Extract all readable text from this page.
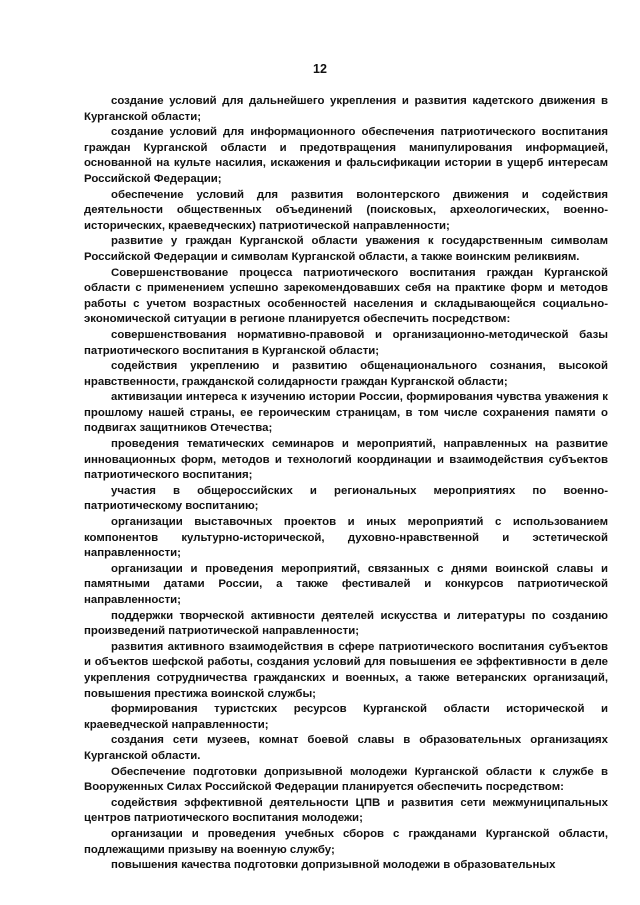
12

создание условий для дальнейшего укрепления и развития кадетского движения в Курганской области;

создание условий для информационного обеспечения патриотического воспитания граждан Курганской области и предотвращения манипулирования информацией, основанной на культе насилия, искажения и фальсификации истории в ущерб интересам Российской Федерации;

обеспечение условий для развития волонтерского движения и содействия деятельности общественных объединений (поисковых, археологических, военно-исторических, краеведческих) патриотической направленности;

развитие у граждан Курганской области уважения к государственным символам Российской Федерации и символам Курганской области, а также воинским реликвиям.

Совершенствование процесса патриотического воспитания граждан Курганской области с применением успешно зарекомендовавших себя на практике форм и методов работы с учетом возрастных особенностей населения и складывающейся социально-экономической ситуации в регионе планируется обеспечить посредством:

совершенствования нормативно-правовой и организационно-методической базы патриотического воспитания в Курганской области;

содействия укреплению и развитию общенационального сознания, высокой нравственности, гражданской солидарности граждан Курганской области;

активизации интереса к изучению истории России, формирования чувства уважения к прошлому нашей страны, ее героическим страницам, в том числе сохранения памяти о подвигах защитников Отечества;

проведения тематических семинаров и мероприятий, направленных на развитие инновационных форм, методов и технологий координации и взаимодействия субъектов патриотического воспитания;

участия в общероссийских и региональных мероприятиях по военно-патриотическому воспитанию;

организации выставочных проектов и иных мероприятий с использованием компонентов культурно-исторической, духовно-нравственной и эстетической направленности;

организации и проведения мероприятий, связанных с днями воинской славы и памятными датами России, а также фестивалей и конкурсов патриотической направленности;

поддержки творческой активности деятелей искусства и литературы по созданию произведений патриотической направленности;

развития активного взаимодействия в сфере патриотического воспитания субъектов и объектов шефской работы, создания условий для повышения ее эффективности в деле укрепления сотрудничества гражданских и военных, а также ветеранских организаций, повышения престижа воинской службы;

формирования туристских ресурсов Курганской области исторической и краеведческой направленности;

создания сети музеев, комнат боевой славы в образовательных организациях Курганской области.

Обеспечение подготовки допризывной молодежи Курганской области к службе в Вооруженных Силах Российской Федерации планируется обеспечить посредством:

содействия эффективной деятельности ЦПВ и развития сети межмуниципальных центров патриотического воспитания молодежи;

организации и проведения учебных сборов с гражданами Курганской области, подлежащими призыву на военную службу;

повышения качества подготовки допризывной молодежи в образовательных
